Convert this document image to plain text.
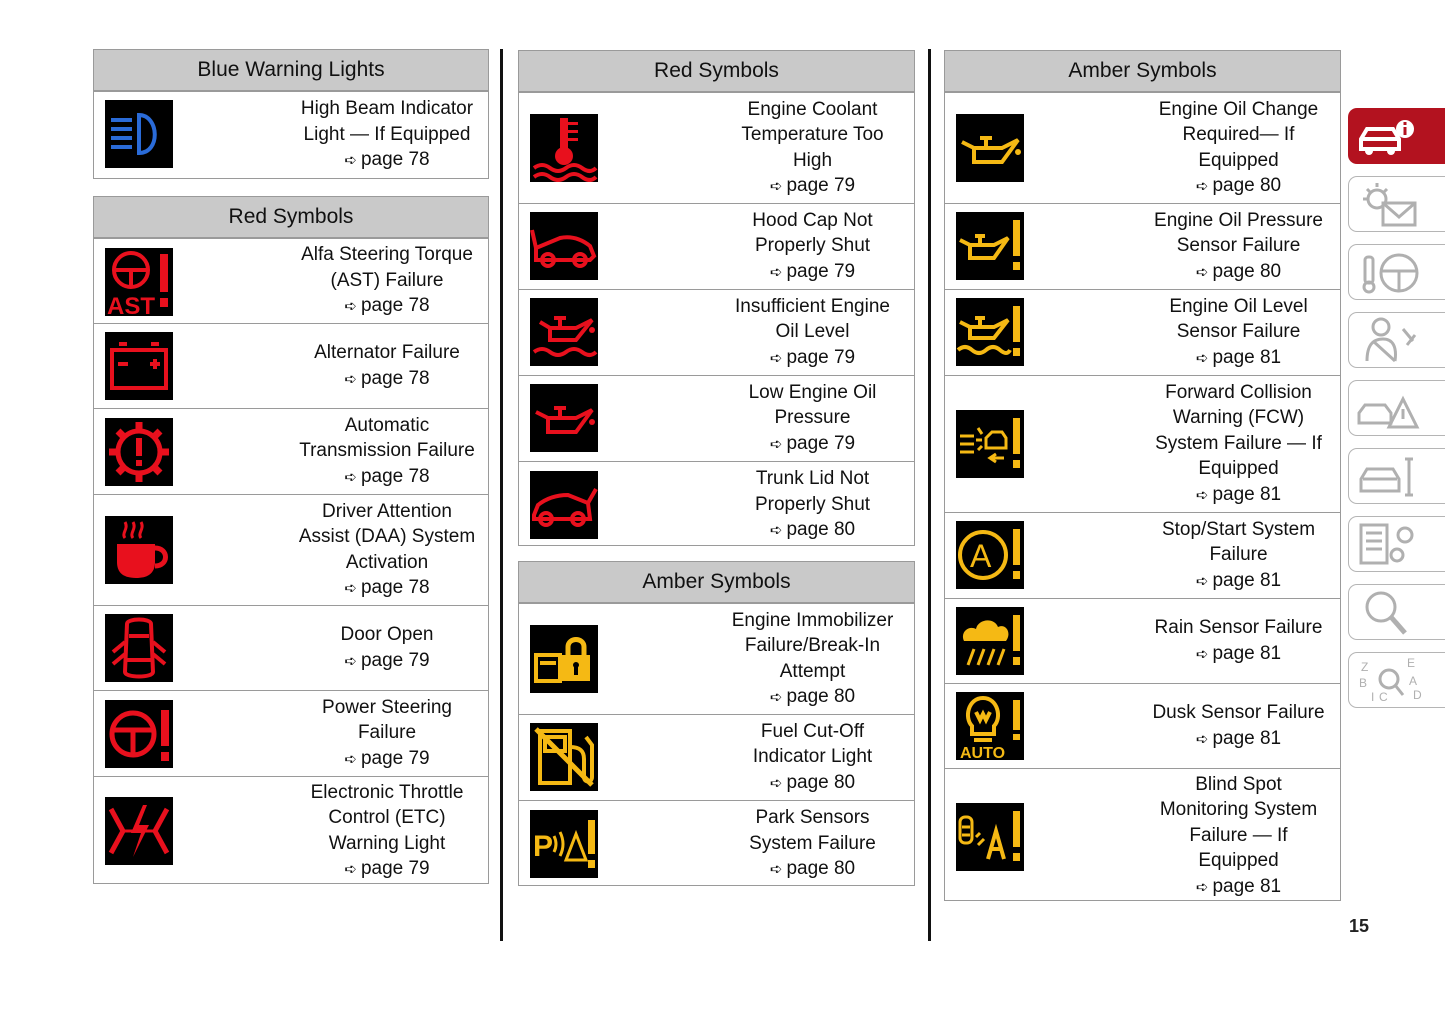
Blue Warning Lights
High Beam Indicator
Light — If Equipped
➪ page 78
Red Symbols
AST
Alfa Steering Torque
(AST) Failure
➪ page 78
Alternator Failure
➪ page 78
Automatic
Transmission Failure
➪ page 78
Driver Attention
Assist (DAA) System
Activation
➪ page 78
Door Open
➪ page 79
Power Steering
Failure
➪ page 79
Electronic Throttle
Control (ETC)
Warning Light
➪ page 79
Red Symbols
Engine Coolant
Temperature Too
High
➪ page 79
Hood Cap Not
Properly Shut
➪ page 79
Insufficient Engine
Oil Level
➪ page 79
Low Engine Oil
Pressure
➪ page 79
Trunk Lid Not
Properly Shut
➪ page 80
Amber Symbols
Engine Immobilizer
Failure/Break-In
Attempt
➪ page 80
Fuel Cut-Off
Indicator Light
➪ page 80
P
Park Sensors
System Failure
➪ page 80
Amber Symbols
Engine Oil Change
Required— If
Equipped
➪ page 80
Engine Oil Pressure
Sensor Failure
➪ page 80
Engine Oil Level
Sensor Failure
➪ page 81
Forward Collision
Warning (FCW)
System Failure — If
Equipped
➪ page 81
A
Stop/Start System
Failure
➪ page 81
Rain Sensor Failure
➪ page 81
AUTO
Dusk Sensor Failure
➪ page 81
Blind Spot
Monitoring System
Failure — If
Equipped
➪ page 81
Z	E
B	A
I C D
15
